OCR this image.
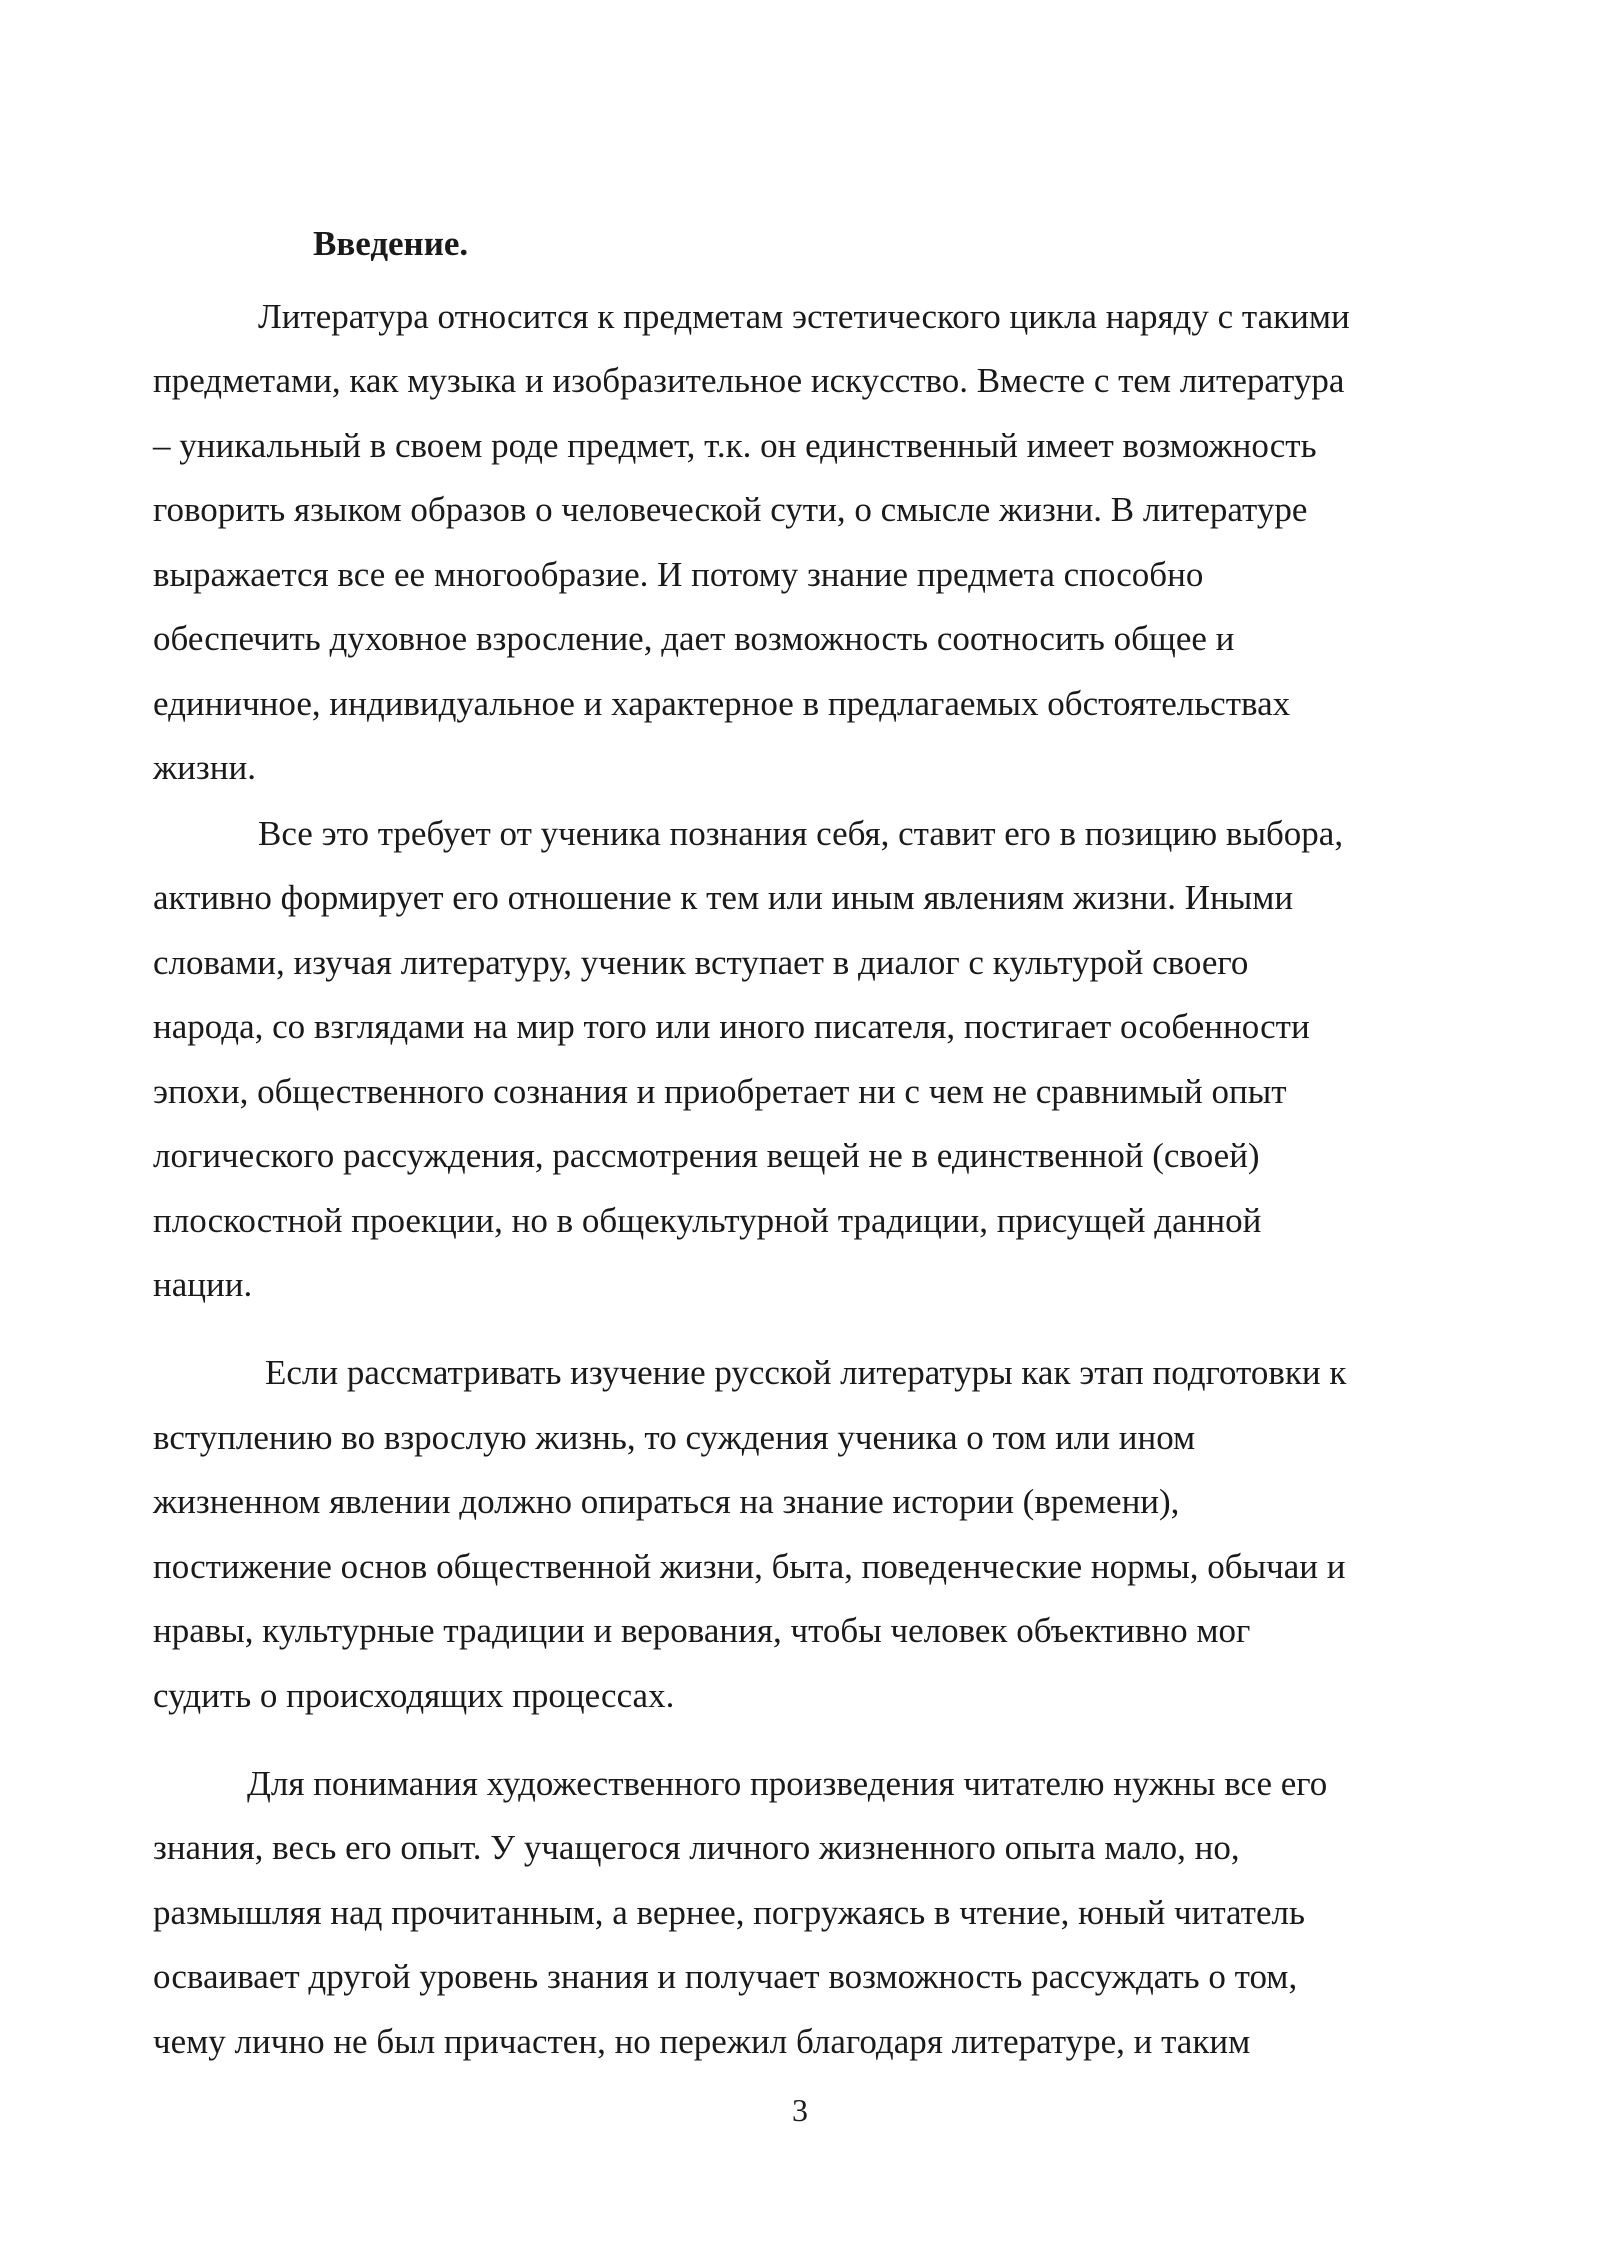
Введение.

Литература относится к предметам эстетического цикла наряду с такими

предметами, как музыка и изобразительное искусство. Вместе с тем литература

– уникальный в своем роде предмет, т.к. он единственный имеет возможность

говорить языком образов о человеческой сути, о смысле жизни. В литературе

выражается все ее многообразие. И потому знание предмета способно

обеспечить духовное взросление, дает возможность соотносить общее и

единичное, индивидуальное и характерное в предлагаемых обстоятельствах

жизни.

Все это требует от ученика познания себя, ставит его в позицию выбора,

активно формирует его отношение к тем или иным явлениям жизни. Иными

словами, изучая литературу, ученик вступает в диалог с культурой своего

народа, со взглядами на мир того или иного писателя, постигает особенности

эпохи, общественного сознания и приобретает ни с чем не сравнимый опыт

логического рассуждения, рассмотрения вещей не в единственной (своей)

плоскостной проекции, но в общекультурной традиции, присущей данной

нации.

Если рассматривать изучение русской литературы как этап подготовки к

вступлению во взрослую жизнь, то суждения ученика о том или ином

жизненном явлении должно опираться на знание истории (времени),

постижение основ общественной жизни, быта, поведенческие нормы, обычаи и

нравы, культурные традиции и верования, чтобы человек объективно мог

судить о происходящих процессах.

Для понимания художественного произведения читателю нужны все его

знания, весь его опыт. У учащегося личного жизненного опыта мало, но,

размышляя над прочитанным, а вернее, погружаясь в чтение, юный читатель

осваивает другой уровень знания и получает возможность рассуждать о том,

чему лично не был причастен, но пережил благодаря литературе, и таким

3
